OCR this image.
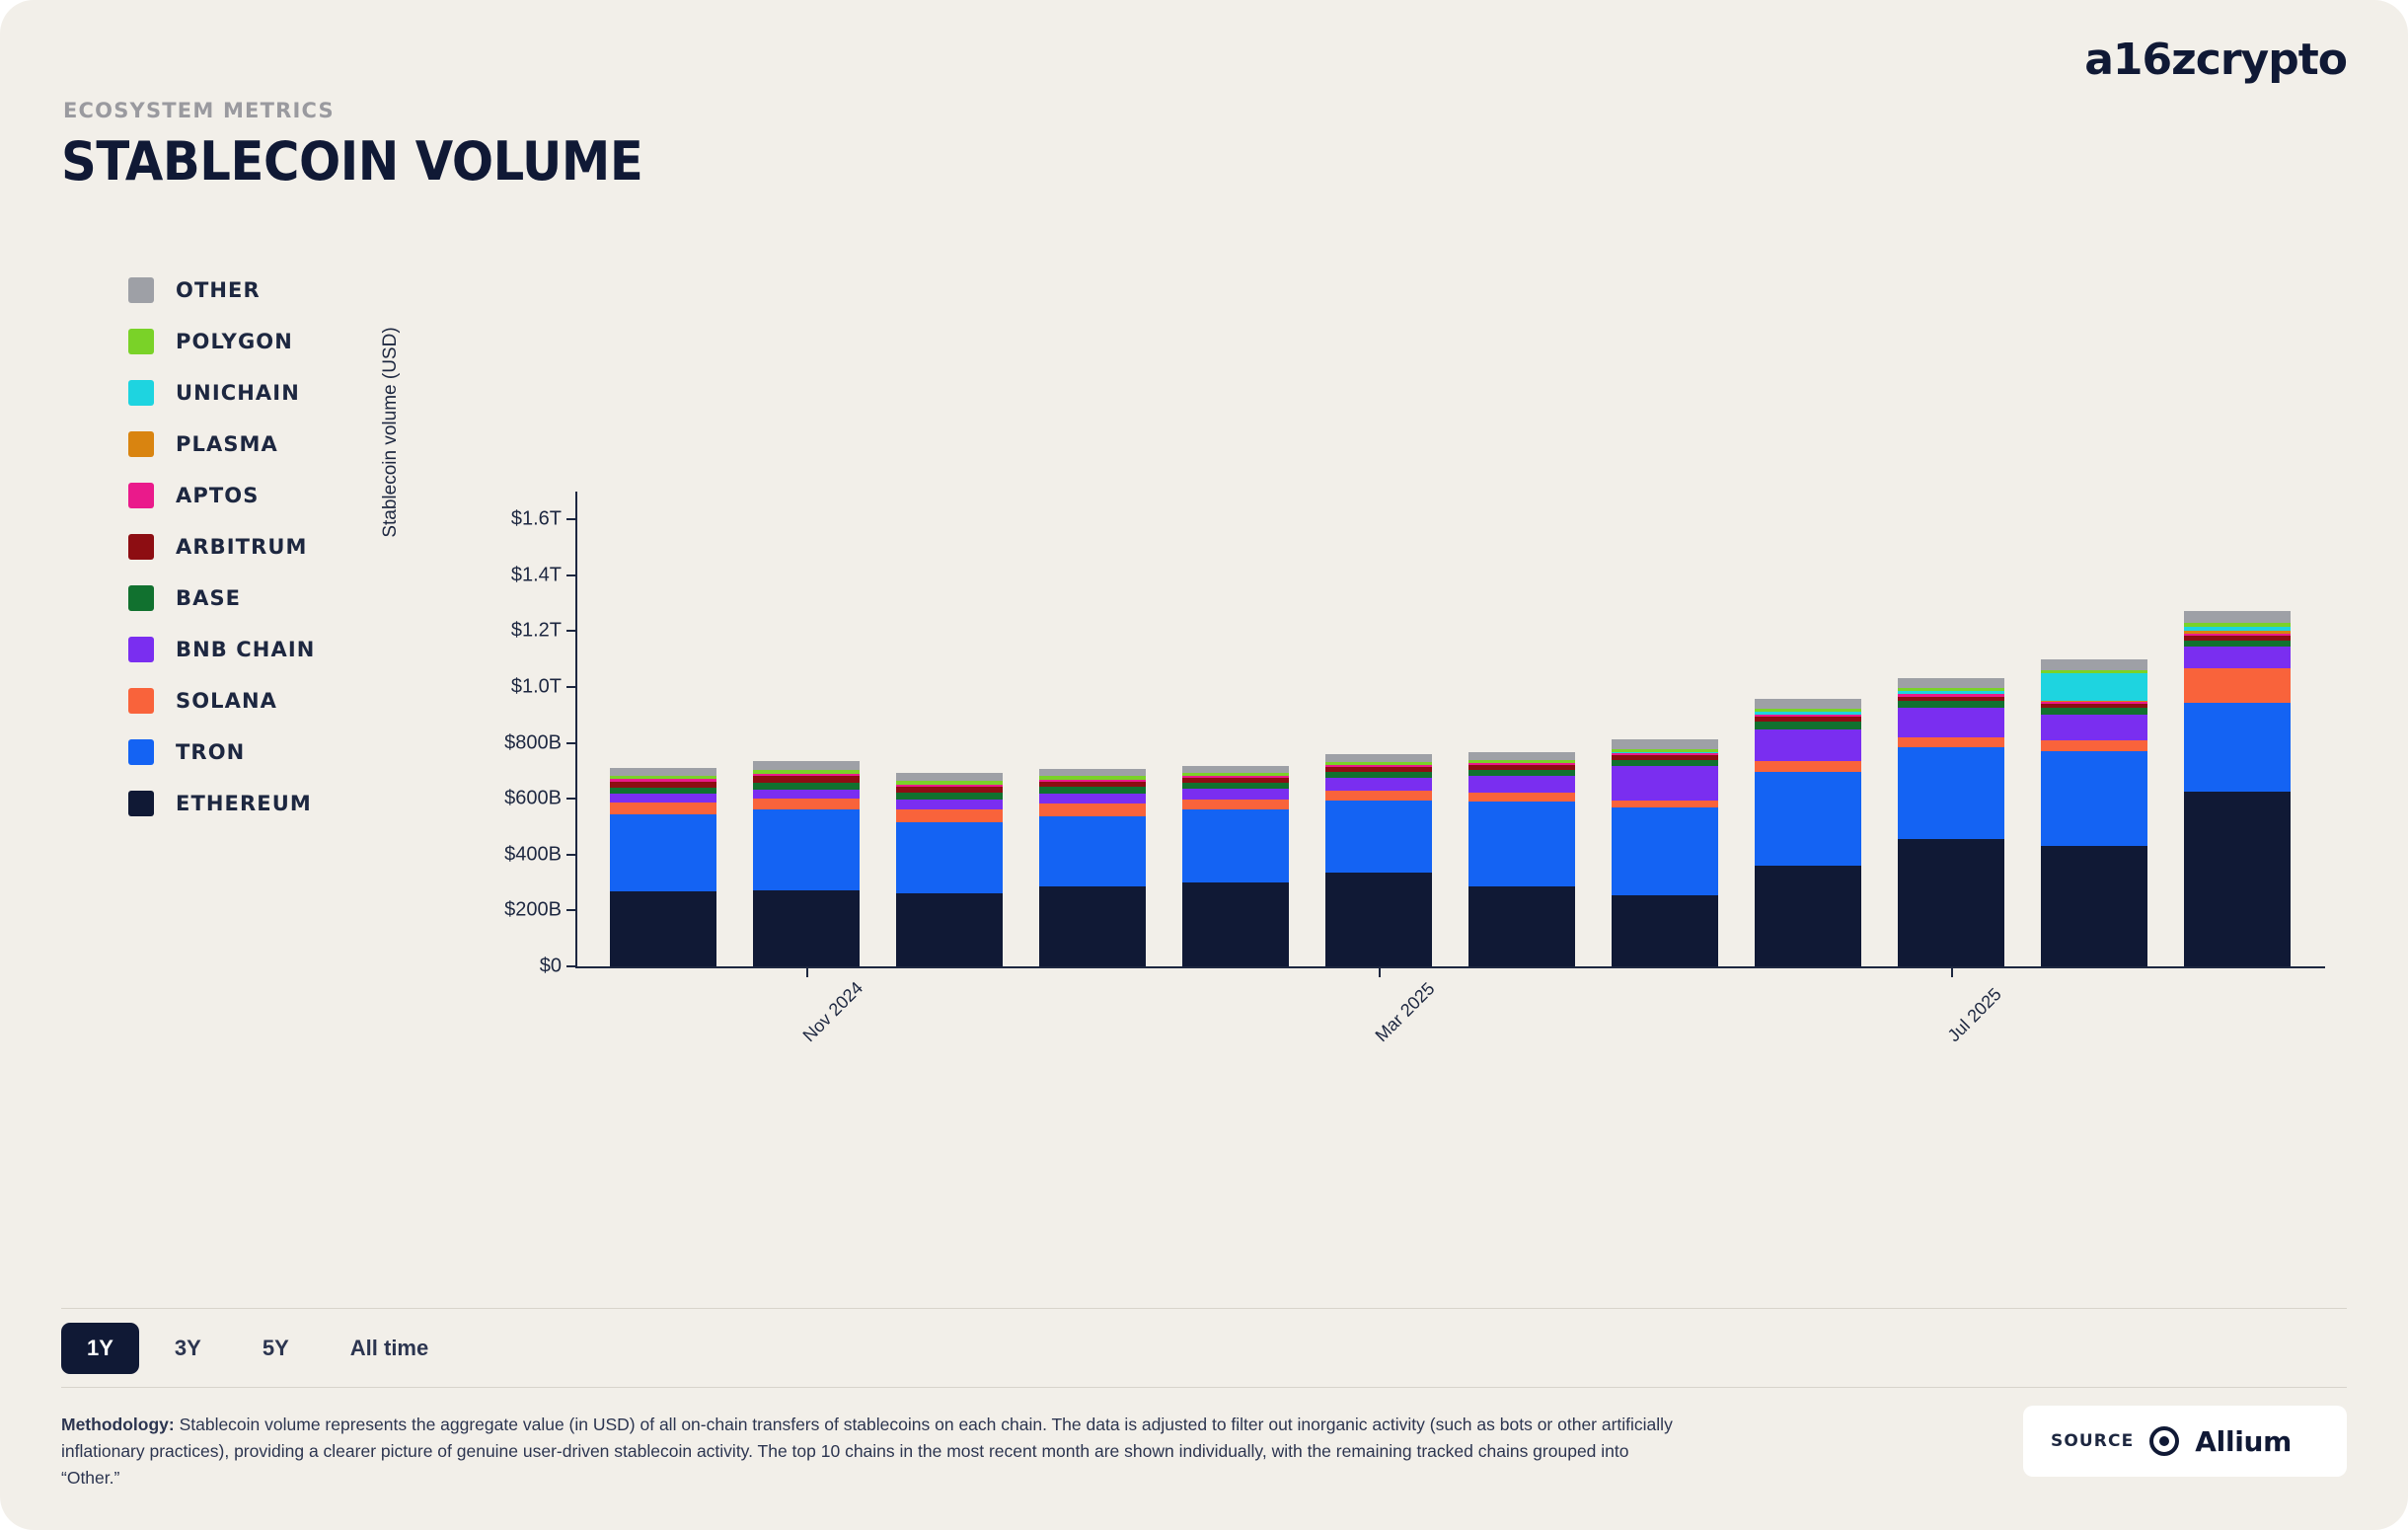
ECOSYSTEM METRICS
STABLECOIN VOLUME
a16zcrypto
OTHER
POLYGON
UNICHAIN
PLASMA
APTOS
ARBITRUM
BASE
BNB CHAIN
SOLANA
TRON
ETHEREUM
Stablecoin volume (USD)
$0
$200B
$400B
$600B
$800B
$1.0T
$1.2T
$1.4T
$1.6T
Nov 2024	Mar 2025	Jul 2025
1Y	3Y	5Y	All time
Methodology: Stablecoin volume represents the aggregate value (in USD) of all on-chain transfers of stablecoins on each chain. The data is adjusted to filter out inorganic activity (such as bots or other artificially inflationary practices), providing a clearer picture of genuine user-driven stablecoin activity. The top 10 chains in the most recent month are shown individually, with the remaining tracked chains grouped into “Other.”
SOURCE Allium
